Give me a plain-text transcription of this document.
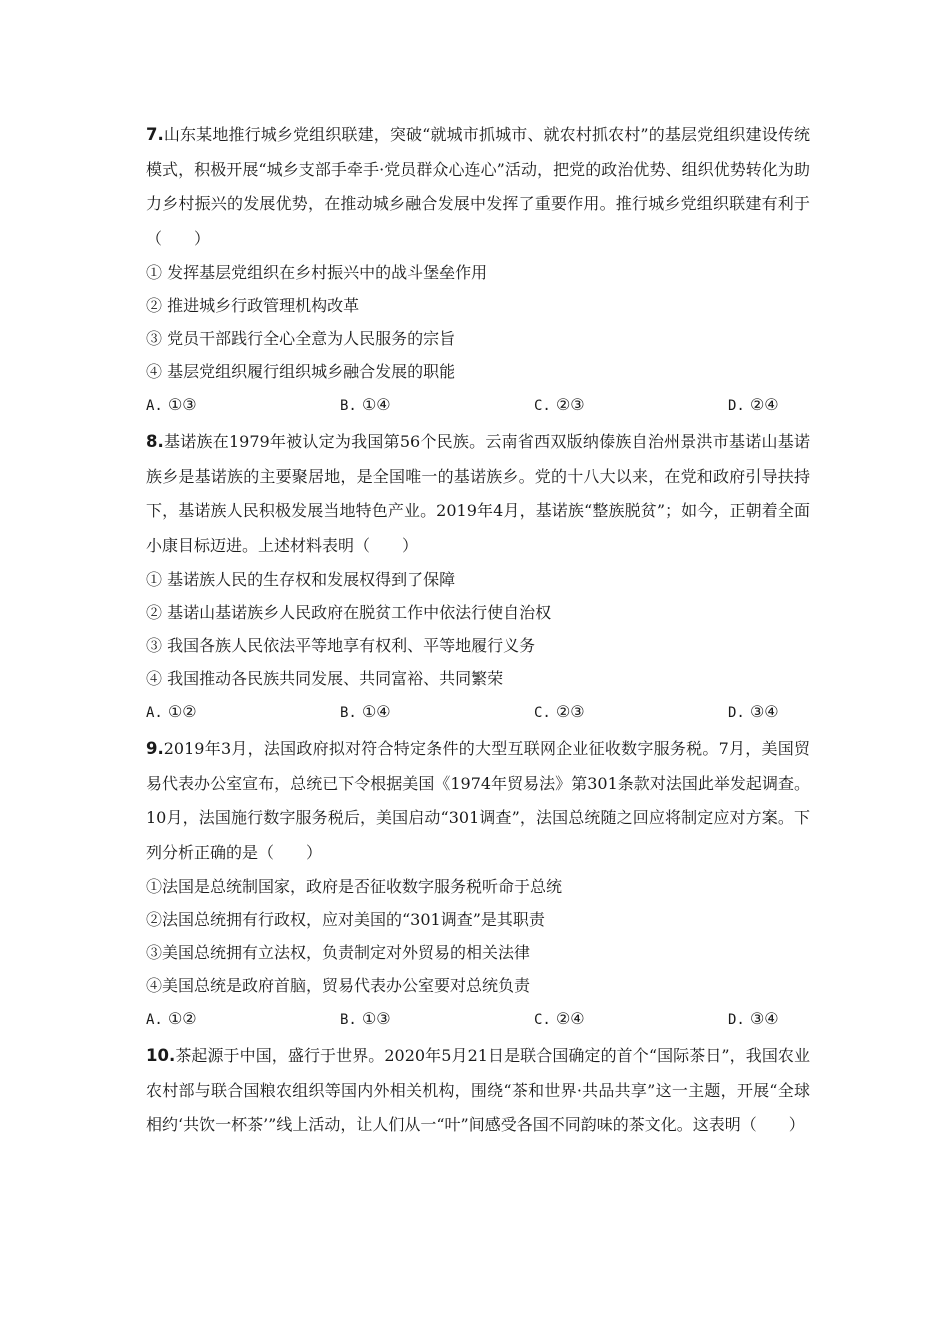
7.山东某地推行城乡党组织联建，突破“就城市抓城市、就农村抓农村”的基层党组织建设传统模式，积极开展“城乡支部手牵手·党员群众心连心”活动，把党的政治优势、组织优势转化为助力乡村振兴的发展优势，在推动城乡融合发展中发挥了重要作用。推行城乡党组织联建有利于（　　）

① 发挥基层党组织在乡村振兴中的战斗堡垒作用

② 推进城乡行政管理机构改革

③ 党员干部践行全心全意为人民服务的宗旨

④ 基层党组织履行组织城乡融合发展的职能

A. ①③	B. ①④	C. ②③	D. ②④

8.基诺族在1979年被认定为我国第56个民族。云南省西双版纳傣族自治州景洪市基诺山基诺族乡是基诺族的主要聚居地，是全国唯一的基诺族乡。党的十八大以来，在党和政府引导扶持下，基诺族人民积极发展当地特色产业。2019年4月，基诺族“整族脱贫”；如今，正朝着全面小康目标迈进。上述材料表明（　　）

① 基诺族人民的生存权和发展权得到了保障

② 基诺山基诺族乡人民政府在脱贫工作中依法行使自治权

③ 我国各族人民依法平等地享有权利、平等地履行义务

④ 我国推动各民族共同发展、共同富裕、共同繁荣

A. ①②	B. ①④	C. ②③	D. ③④

9.2019年3月，法国政府拟对符合特定条件的大型互联网企业征收数字服务税。7月，美国贸易代表办公室宣布，总统已下令根据美国《1974年贸易法》第301条款对法国此举发起调查。10月，法国施行数字服务税后，美国启动“301调查”，法国总统随之回应将制定应对方案。下列分析正确的是（　　）

①法国是总统制国家，政府是否征收数字服务税听命于总统

②法国总统拥有行政权，应对美国的“301调查”是其职责

③美国总统拥有立法权，负责制定对外贸易的相关法律

④美国总统是政府首脑，贸易代表办公室要对总统负责

A. ①②	B. ①③	C. ②④	D. ③④

10.茶起源于中国，盛行于世界。2020年5月21日是联合国确定的首个“国际茶日”，我国农业农村部与联合国粮农组织等国内外相关机构，围绕“茶和世界·共品共享”这一主题，开展“全球相约‘共饮一杯茶’”线上活动，让人们从一“叶”间感受各国不同韵味的茶文化。这表明（　　）
